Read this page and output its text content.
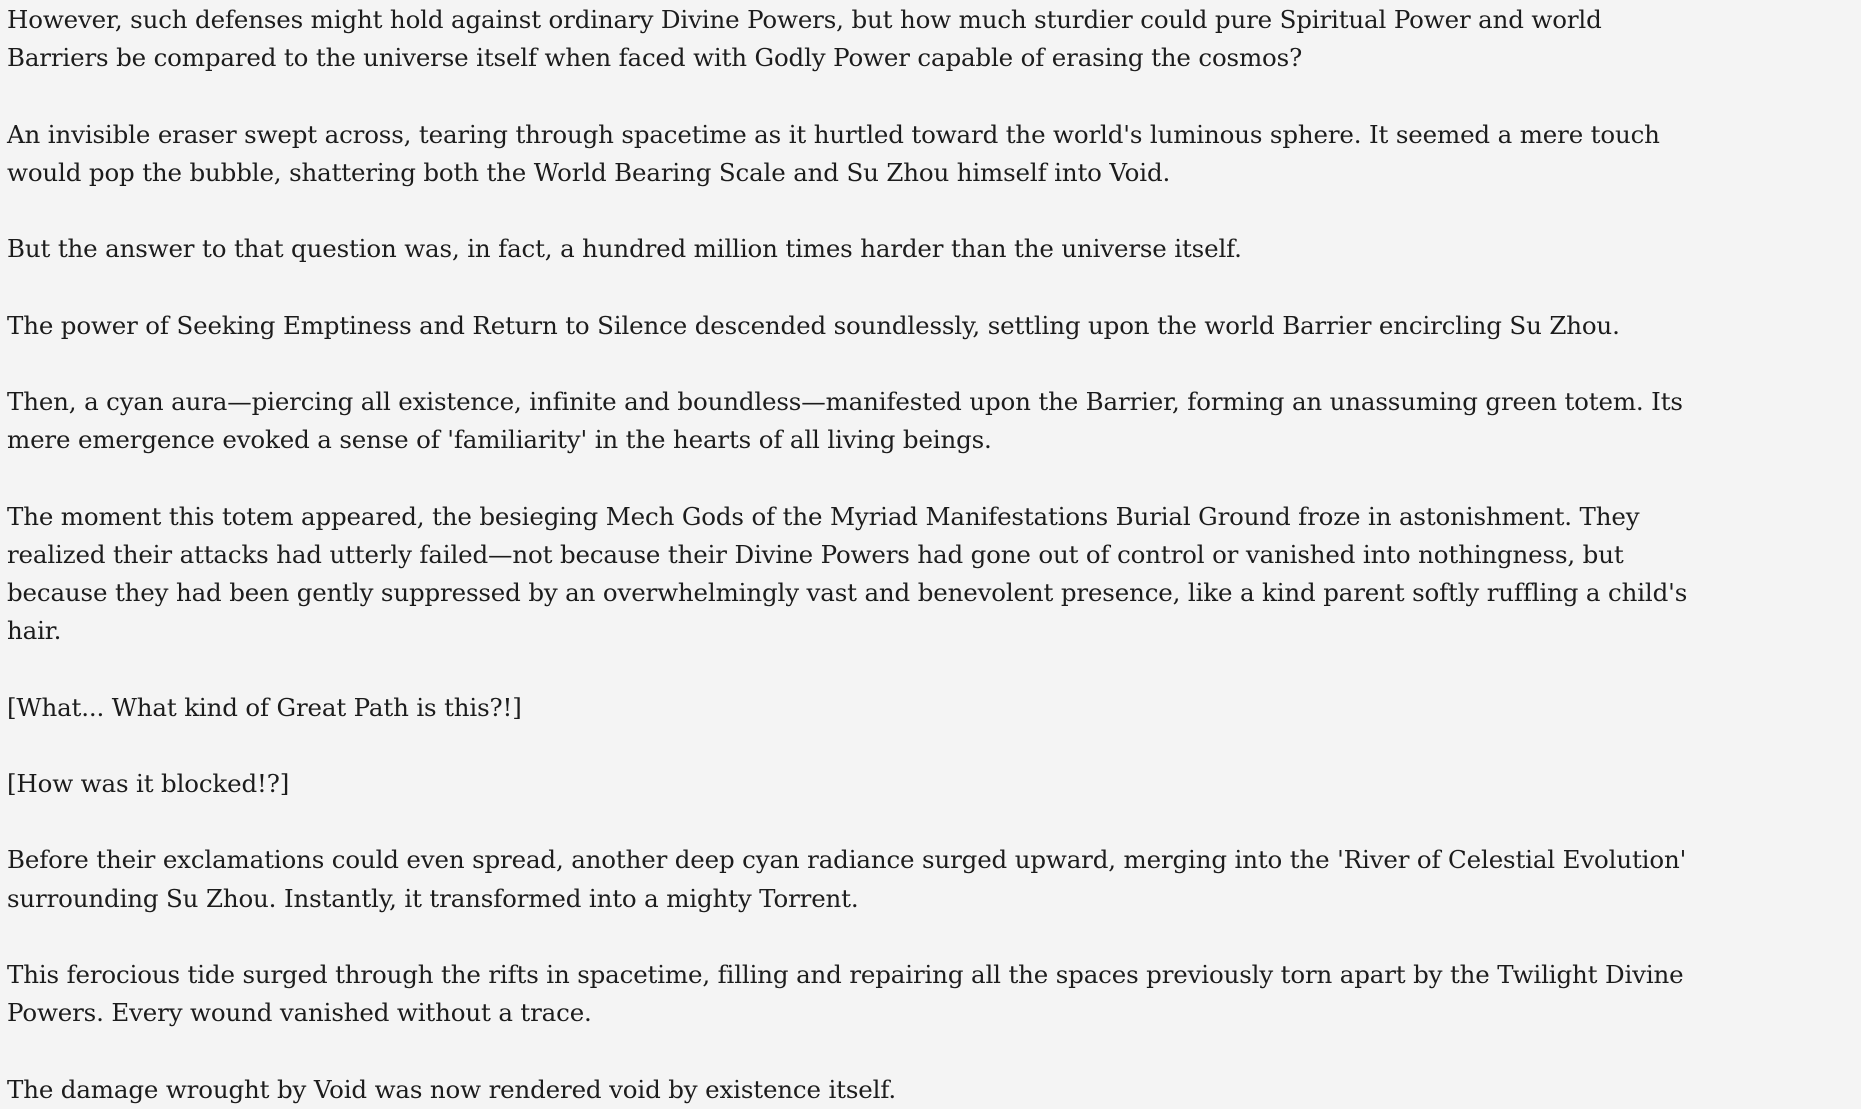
However, such defenses might hold against ordinary Divine Powers, but how much sturdier could pure Spiritual Power and world Barriers be compared to the universe itself when faced with Godly Power capable of erasing the cosmos?

An invisible eraser swept across, tearing through spacetime as it hurtled toward the world's luminous sphere. It seemed a mere touch would pop the bubble, shattering both the World Bearing Scale and Su Zhou himself into Void.

But the answer to that question was, in fact, a hundred million times harder than the universe itself.

The power of Seeking Emptiness and Return to Silence descended soundlessly, settling upon the world Barrier encircling Su Zhou.

Then, a cyan aura—piercing all existence, infinite and boundless—manifested upon the Barrier, forming an unassuming green totem. Its mere emergence evoked a sense of 'familiarity' in the hearts of all living beings.

The moment this totem appeared, the besieging Mech Gods of the Myriad Manifestations Burial Ground froze in astonishment. They realized their attacks had utterly failed—not because their Divine Powers had gone out of control or vanished into nothingness, but because they had been gently suppressed by an overwhelmingly vast and benevolent presence, like a kind parent softly ruffling a child's hair.

[What... What kind of Great Path is this?!]

[How was it blocked!?]

Before their exclamations could even spread, another deep cyan radiance surged upward, merging into the 'River of Celestial Evolution' surrounding Su Zhou. Instantly, it transformed into a mighty Torrent.

This ferocious tide surged through the rifts in spacetime, filling and repairing all the spaces previously torn apart by the Twilight Divine Powers. Every wound vanished without a trace.

The damage wrought by Void was now rendered void by existence itself.
